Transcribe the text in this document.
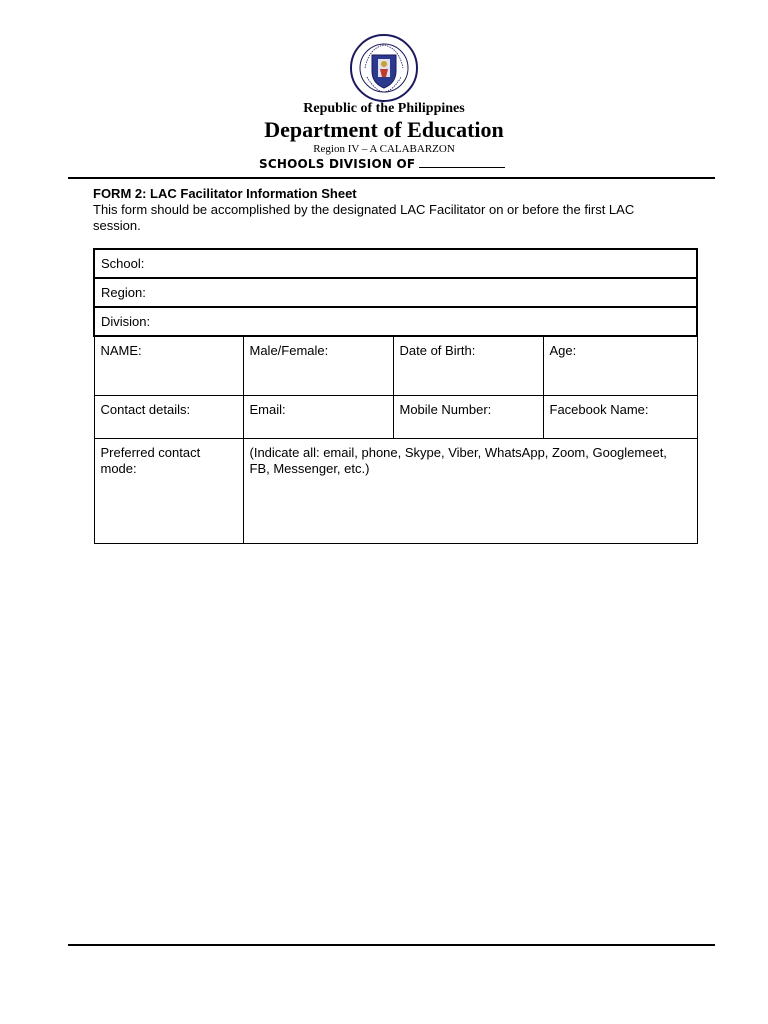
Republic of the Philippines
Department of Education
Region IV – A CALABARZON
SCHOOLS DIVISION OF
FORM 2: LAC Facilitator Information Sheet
This form should be accomplished by the designated LAC Facilitator on or before the first LAC session.
School:			
Region:			
Division:			
NAME:	Male/Female:	Date of Birth:	Age:
Contact details:	Email:	Mobile Number:	Facebook Name:
Preferred contact mode:	(Indicate all: email, phone, Skype, Viber, WhatsApp, Zoom, Googlemeet, FB, Messenger, etc.)		
